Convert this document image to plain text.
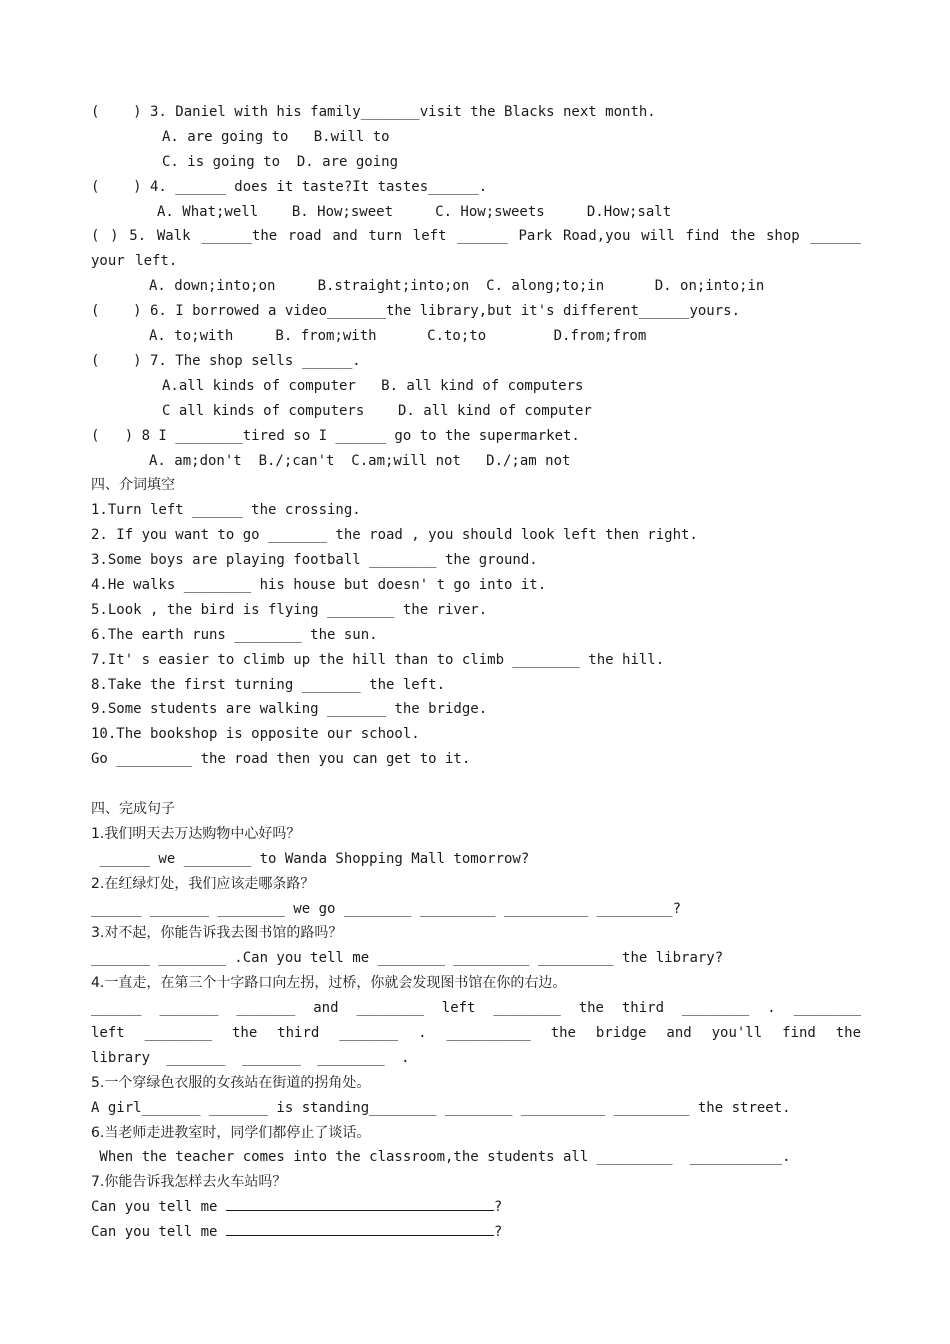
(    ) 3. Daniel with his family_______visit the Blacks next month.
A. are going to   B.will to
C. is going to  D. are going
(    ) 4. ______ does it taste?It tastes______.
A. What;well    B. How;sweet     C. How;sweets     D.How;salt
( ) 5. Walk ______the road and turn left ______ Park Road,you will find the shop ______ your left.
A. down;into;on     B.straight;into;on  C. along;to;in      D. on;into;in
(    ) 6. I borrowed a video_______the library,but it's different______yours.
A. to;with     B. from;with      C.to;to        D.from;from
(    ) 7. The shop sells ______.
A.all kinds of computer   B. all kind of computers
C all kinds of computers    D. all kind of computer
(   ) 8 I ________tired so I ______ go to the supermarket.
A. am;don't  B./;can't  C.am;will not   D./;am not
四、介词填空
1.Turn left ______ the crossing.
2. If you want to go _______ the road , you should look left then right.
3.Some boys are playing football ________ the ground.
4.He walks ________ his house but doesn' t go into it.
5.Look , the bird is flying ________ the river.
6.The earth runs ________ the sun.
7.It' s easier to climb up the hill than to climb ________ the hill.
8.Take the first turning _______ the left.
9.Some students are walking _______ the bridge.
10.The bookshop is opposite our school.
Go _________ the road then you can get to it.
四、完成句子
1.我们明天去万达购物中心好吗？
______ we ________ to Wanda Shopping Mall tomorrow?
2.在红绿灯处，我们应该走哪条路？
______ _______ ________ we go ________ _________ __________ _________?
3.对不起，你能告诉我去图书馆的路吗？
_______ ________ .Can you tell me ________ _________ _________ the library?
4.一直走，在第三个十字路口向左拐，过桥，你就会发现图书馆在你的右边。
______ _______ _______ and ________ left ________ the third ________ . ________ left ________ the third _______ . __________ the bridge and you'll find the library _______ _______ ________ .
5.一个穿绿色衣服的女孩站在街道的拐角处。
A girl_______ _______ is standing________ ________ __________ _________ the street.
6.当老师走进教室时，同学们都停止了谈话。
When the teacher comes into the classroom,the students all _________  ___________.
7.你能告诉我怎样去火车站吗？
Can you tell me	?
Can you tell me	?
